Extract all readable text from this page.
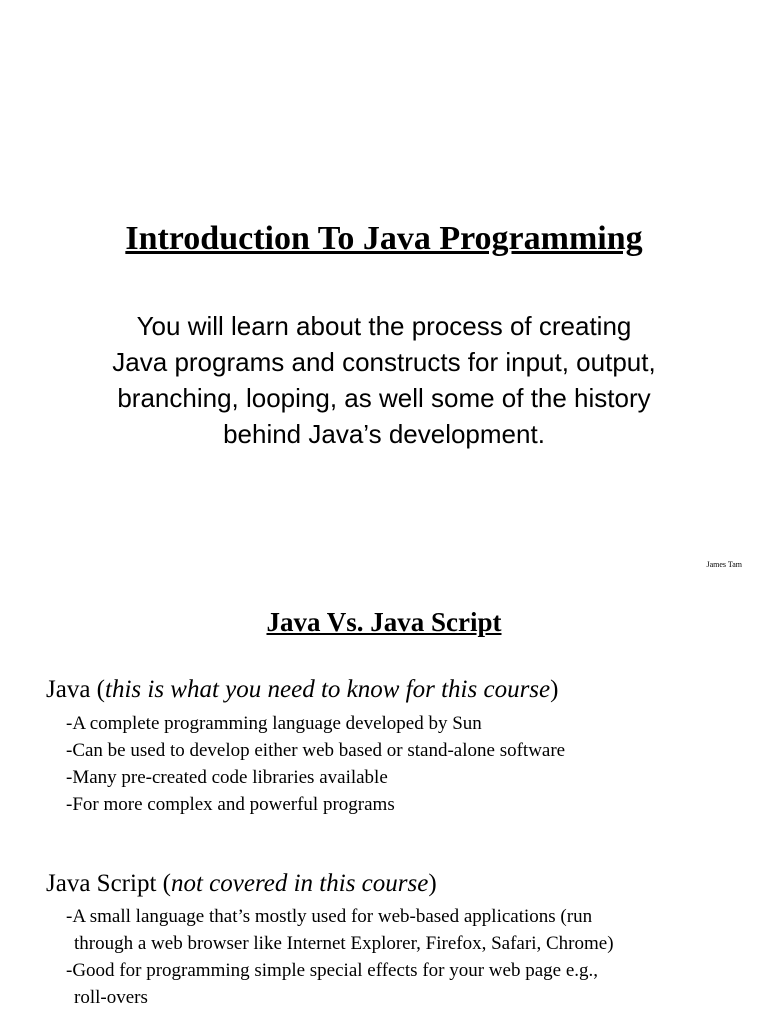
Introduction To Java Programming

You will learn about the process of creating Java programs and constructs for input, output, branching, looping, as well some of the history behind Java’s development.

James Tam

Java Vs. Java Script

Java (this is what you need to know for this course)

-A complete programming language developed by Sun
-Can be used to develop either web based or stand-alone software
-Many pre-created code libraries available
-For more complex and powerful programs

Java Script (not covered in this course)

-A small language that’s mostly used for web-based applications (run
through a web browser like Internet Explorer, Firefox, Safari, Chrome)
-Good for programming simple special effects for your web page e.g.,
roll-overs
